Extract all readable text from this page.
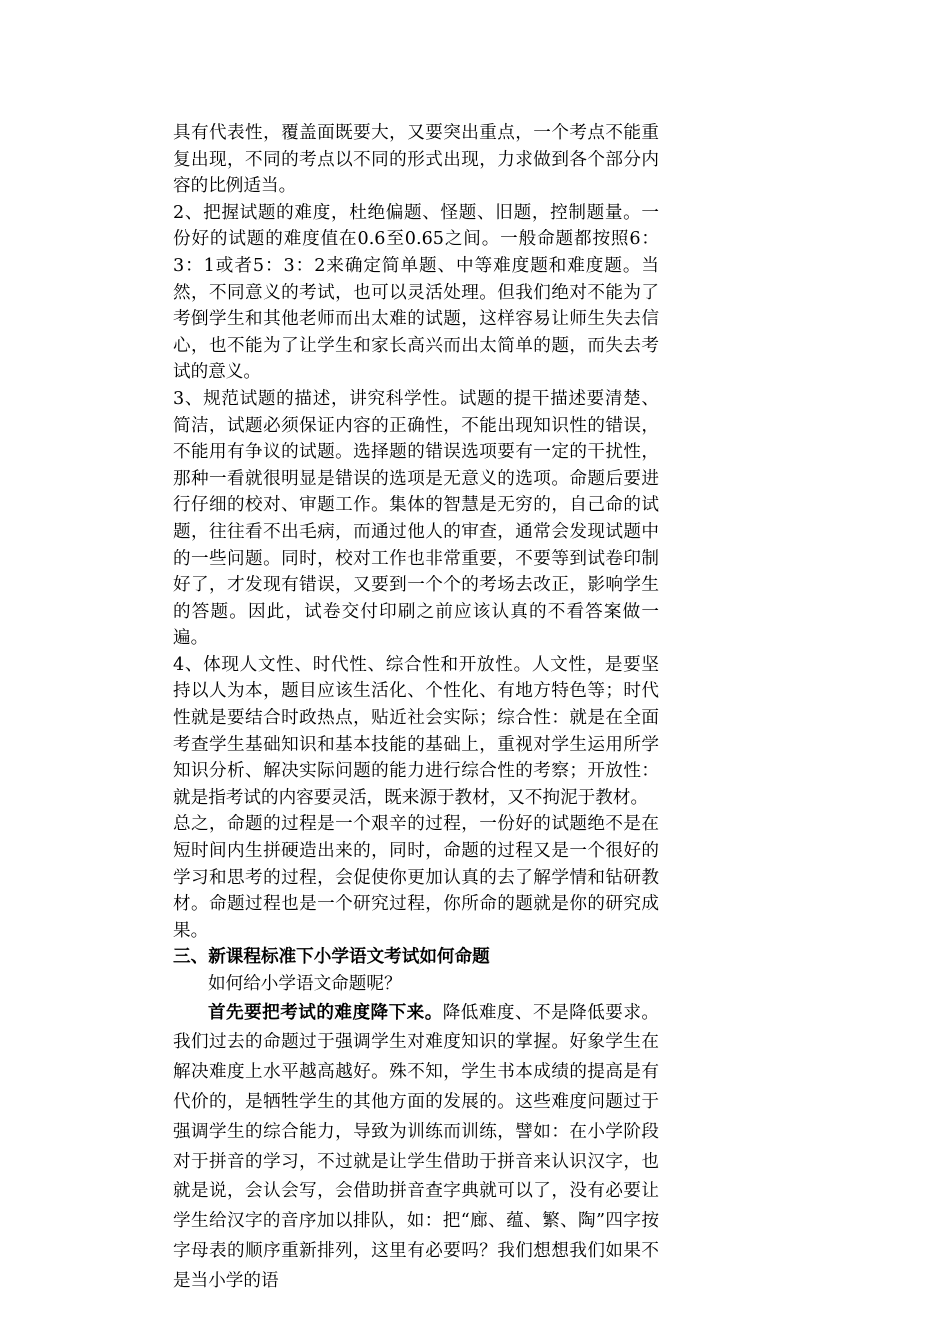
具有代表性，覆盖面既要大，又要突出重点，一个考点不能重复出现，不同的考点以不同的形式出现，力求做到各个部分内容的比例适当。

2、把握试题的难度，杜绝偏题、怪题、旧题，控制题量。一份好的试题的难度值在0.6至0.65之间。一般命题都按照6：3：1或者5：3：2来确定简单题、中等难度题和难度题。当然，不同意义的考试，也可以灵活处理。但我们绝对不能为了考倒学生和其他老师而出太难的试题，这样容易让师生失去信心，也不能为了让学生和家长高兴而出太简单的题，而失去考试的意义。

3、规范试题的描述，讲究科学性。试题的提干描述要清楚、简洁，试题必须保证内容的正确性，不能出现知识性的错误，不能用有争议的试题。选择题的错误选项要有一定的干扰性，那种一看就很明显是错误的选项是无意义的选项。命题后要进行仔细的校对、审题工作。集体的智慧是无穷的，自己命的试题，往往看不出毛病，而通过他人的审查，通常会发现试题中的一些问题。同时，校对工作也非常重要，不要等到试卷印制好了，才发现有错误，又要到一个个的考场去改正，影响学生的答题。因此，试卷交付印刷之前应该认真的不看答案做一遍。

4、体现人文性、时代性、综合性和开放性。人文性，是要坚持以人为本，题目应该生活化、个性化、有地方特色等；时代性就是要结合时政热点，贴近社会实际；综合性：就是在全面考查学生基础知识和基本技能的基础上，重视对学生运用所学知识分析、解决实际问题的能力进行综合性的考察；开放性：就是指考试的内容要灵活，既来源于教材，又不拘泥于教材。

总之，命题的过程是一个艰辛的过程，一份好的试题绝不是在短时间内生拼硬造出来的，同时，命题的过程又是一个很好的学习和思考的过程，会促使你更加认真的去了解学情和钻研教材。命题过程也是一个研究过程，你所命的题就是你的研究成果。

三、新课程标准下小学语文考试如何命题

如何给小学语文命题呢？

首先要把考试的难度降下来。降低难度、不是降低要求。我们过去的命题过于强调学生对难度知识的掌握。好象学生在解决难度上水平越高越好。殊不知，学生书本成绩的提高是有代价的，是牺牲学生的其他方面的发展的。这些难度问题过于强调学生的综合能力，导致为训练而训练，譬如：在小学阶段对于拼音的学习，不过就是让学生借助于拼音来认识汉字，也就是说，会认会写，会借助拼音查字典就可以了，没有必要让学生给汉字的音序加以排队，如：把“廊、蕴、繁、陶”四字按字母表的顺序重新排列，这里有必要吗？我们想想我们如果不是当小学的语
